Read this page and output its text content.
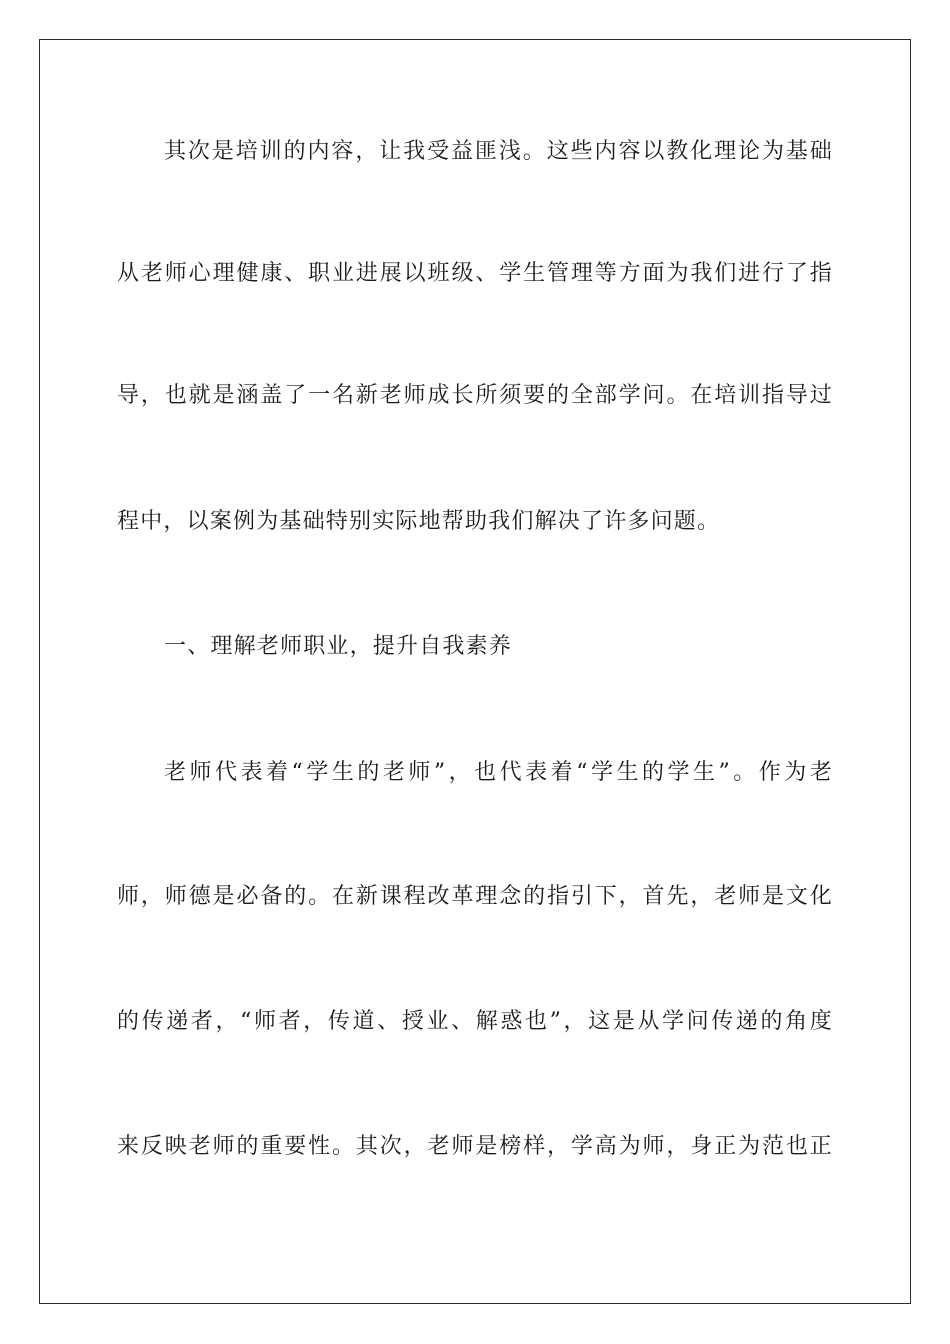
其次是培训的内容，让我受益匪浅。这些内容以教化理论为基础
从老师心理健康、职业进展以班级、学生管理等方面为我们进行了指
导，也就是涵盖了一名新老师成长所须要的全部学问。在培训指导过
程中，以案例为基础特别实际地帮助我们解决了许多问题。
一、理解老师职业，提升自我素养
老师代表着“学生的老师”，也代表着“学生的学生”。作为老
师，师德是必备的。在新课程改革理念的指引下，首先，老师是文化
的传递者，“师者，传道、授业、解惑也”，这是从学问传递的角度
来反映老师的重要性。其次，老师是榜样，学高为师，身正为范也正
